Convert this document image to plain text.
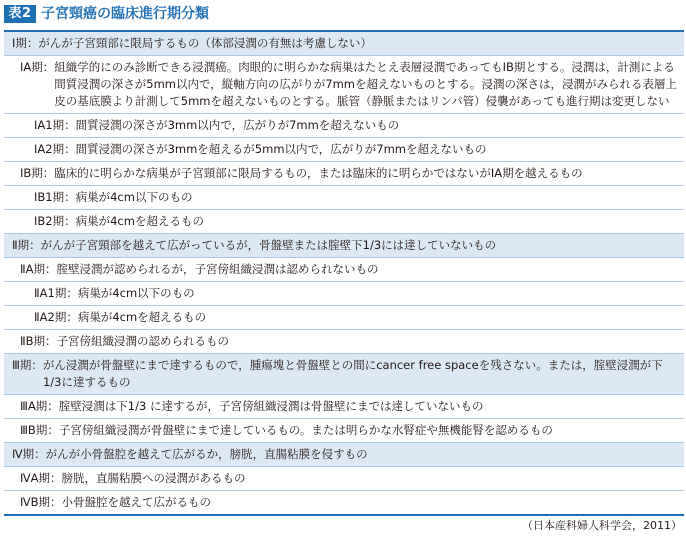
表2 子宮頸癌の臨床進行期分類
Ⅰ期： がんが子宮頸部に限局するもの（体部浸潤の有無は考慮しない）
ⅠA期： 組織学的にのみ診断できる浸潤癌。肉眼的に明らかな病巣はたとえ表層浸潤であってもⅠB期とする。浸潤は，計測による間質浸潤の深さが5mm以内で，縦軸方向の広がりが7mmを超えないものとする。浸潤の深さは，浸潤がみられる表層上皮の基底膜より計測して5mmを超えないものとする。脈管（静脈またはリンパ管）侵襲があっても進行期は変更しない
ⅠA1期： 間質浸潤の深さが3mm以内で，広がりが7mmを超えないもの
ⅠA2期： 間質浸潤の深さが3mmを超えるが5mm以内で，広がりが7mmを超えないもの
ⅠB期： 臨床的に明らかな病巣が子宮頸部に限局するもの，または臨床的に明らかではないがⅠA期を越えるもの
ⅠB1期： 病巣が4cm以下のもの
ⅠB2期： 病巣が4cmを超えるもの
Ⅱ期： がんが子宮頸部を越えて広がっているが，骨盤壁または腟壁下1/3には達していないもの
ⅡA期： 腟壁浸潤が認められるが，子宮傍組織浸潤は認められないもの
ⅡA1期： 病巣が4cm以下のもの
ⅡA2期： 病巣が4cmを超えるもの
ⅡB期： 子宮傍組織浸潤の認められるもの
Ⅲ期： がん浸潤が骨盤壁にまで達するもので，腫瘍塊と骨盤壁との間にcancer free spaceを残さない。または，腟壁浸潤が下1/3に達するもの
ⅢA期： 腟壁浸潤は下1/3 に達するが，子宮傍組織浸潤は骨盤壁にまでは達していないもの
ⅢB期： 子宮傍組織浸潤が骨盤壁にまで達しているもの。または明らかな水腎症や無機能腎を認めるもの
Ⅳ期： がんが小骨盤腔を越えて広がるか，膀胱，直腸粘膜を侵すもの
ⅣA期： 膀胱，直腸粘膜への浸潤があるもの
ⅣB期： 小骨盤腔を越えて広がるもの
（日本産科婦人科学会，2011）
